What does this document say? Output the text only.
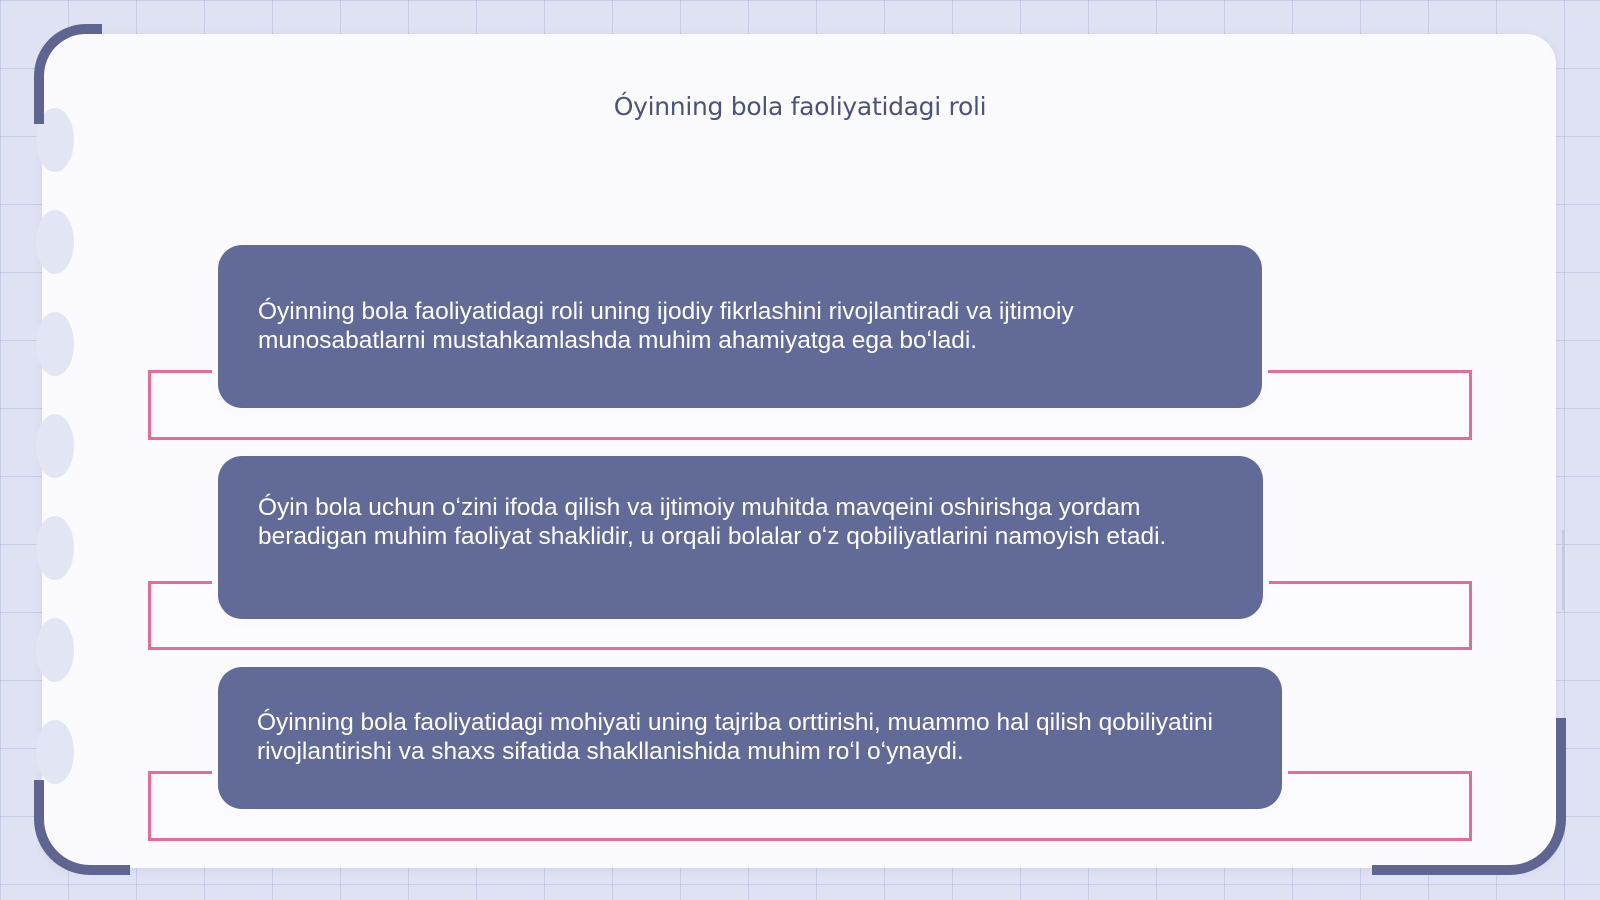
Óyinning bola faoliyatidagi roli
Óyinning bola faoliyatidagi roli uning ijodiy fikrlashini rivojlantiradi va ijtimoiy munosabatlarni mustahkamlashda muhim ahamiyatga ega boʻladi.
Óyin bola uchun oʻzini ifoda qilish va ijtimoiy muhitda mavqeini oshirishga yordam beradigan muhim faoliyat shaklidir, u orqali bolalar oʻz qobiliyatlarini namoyish etadi.
Óyinning bola faoliyatidagi mohiyati uning tajriba orttirishi, muammo hal qilish qobiliyatini rivojlantirishi va shaxs sifatida shakllanishida muhim roʻl oʻynaydi.
